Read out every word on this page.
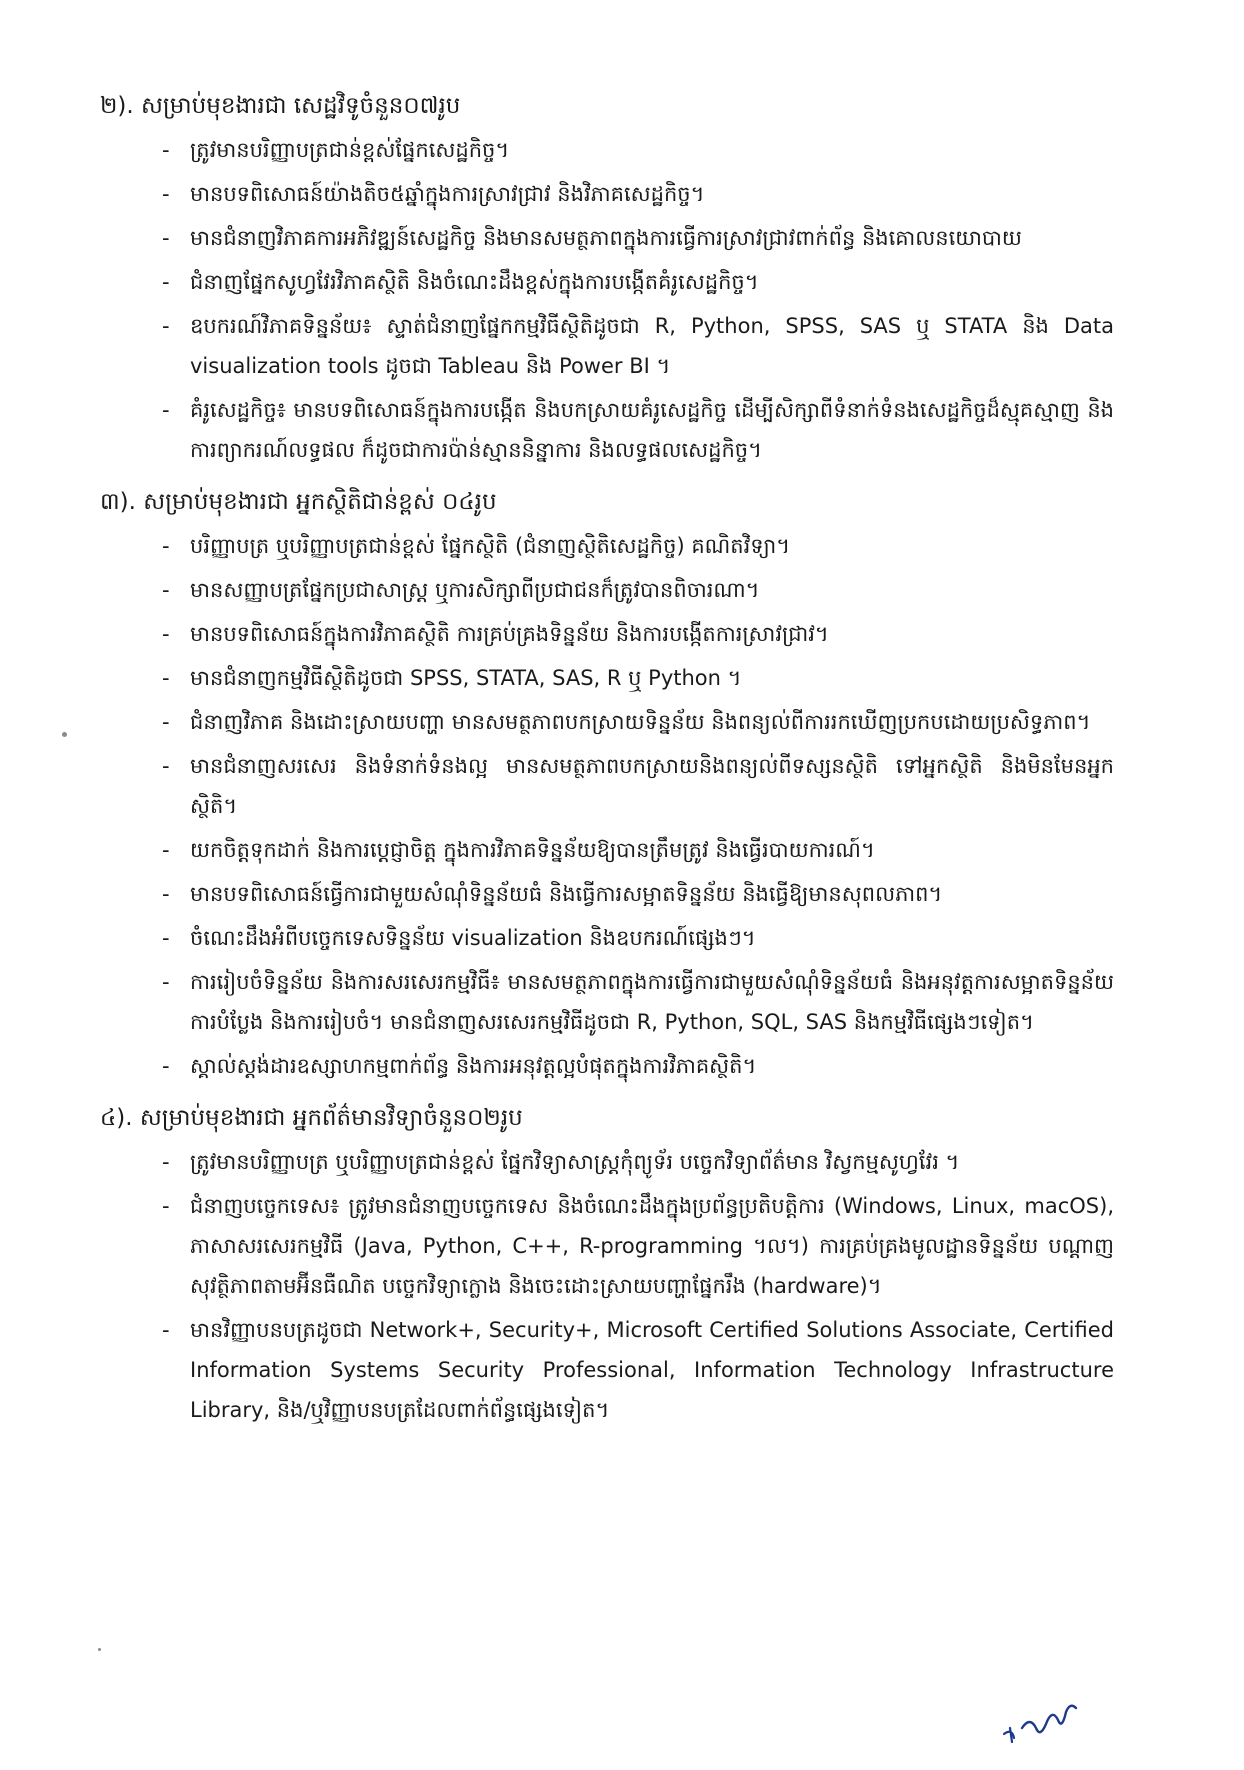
២). សម្រាប់មុខងារជា សេដ្ឋវិទូចំនួន០៧រូប
- ត្រូវមានបរិញ្ញាបត្រជាន់ខ្ពស់ផ្នែកសេដ្ឋកិច្ច។
- មានបទពិសោធន៍យ៉ាងតិច៥ឆ្នាំក្នុងការស្រាវជ្រាវ និងវិភាគសេដ្ឋកិច្ច។
- មានជំនាញវិភាគការអភិវឌ្ឍន៍សេដ្ឋកិច្ច និងមានសមត្ថភាពក្នុងការធ្វើការស្រាវជ្រាវពាក់ព័ន្ធ និងគោលនយោបាយ
- ជំនាញផ្នែកសូហ្វវែរវិភាគស្ថិតិ និងចំណេះដឹងខ្ពស់ក្នុងការបង្កើតគំរូសេដ្ឋកិច្ច។
- ឧបករណ៍វិភាគទិន្នន័យ៖ ស្ទាត់ជំនាញផ្នែកកម្មវិធីស្ថិតិដូចជា R, Python, SPSS, SAS ឬ STATA និង Data visualization tools ដូចជា Tableau និង Power BI ។
- គំរូសេដ្ឋកិច្ច៖ មានបទពិសោធន៍ក្នុងការបង្កើត និងបកស្រាយគំរូសេដ្ឋកិច្ច ដើម្បីសិក្សាពីទំនាក់ទំនងសេដ្ឋកិច្ចដ៏ស្មុគស្មាញ និងការព្យាករណ៍លទ្ធផល ក៏ដូចជាការប៉ាន់ស្មាននិន្នាការ និងលទ្ធផលសេដ្ឋកិច្ច។
៣). សម្រាប់មុខងារជា អ្នកស្ថិតិជាន់ខ្ពស់ ០៤រូប
- បរិញ្ញាបត្រ ឬបរិញ្ញាបត្រជាន់ខ្ពស់ ផ្នែកស្ថិតិ (ជំនាញស្ថិតិសេដ្ឋកិច្ច) គណិតវិទ្យា។
- មានសញ្ញាបត្រផ្នែកប្រជាសាស្ត្រ ឬការសិក្សាពីប្រជាជនក៏ត្រូវបានពិចារណា។
- មានបទពិសោធន៍ក្នុងការវិភាគស្ថិតិ ការគ្រប់គ្រងទិន្នន័យ និងការបង្កើតការស្រាវជ្រាវ។
- មានជំនាញកម្មវិធីស្ថិតិដូចជា SPSS, STATA, SAS, R ឬ Python ។
- ជំនាញវិភាគ និងដោះស្រាយបញ្ហា មានសមត្ថភាពបកស្រាយទិន្នន័យ និងពន្យល់ពីការរកឃើញប្រកបដោយប្រសិទ្ធភាព។
- មានជំនាញសរសេរ និងទំនាក់ទំនងល្អ មានសមត្ថភាពបកស្រាយនិងពន្យល់ពីទស្សនស្ថិតិ ទៅអ្នកស្ថិតិ និងមិនមែនអ្នកស្ថិតិ។
- យកចិត្តទុកដាក់ និងការប្តេជ្ញាចិត្ត ក្នុងការវិភាគទិន្នន័យឱ្យបានត្រឹមត្រូវ និងធ្វើរបាយការណ៍។
- មានបទពិសោធន៍ធ្វើការជាមួយសំណុំទិន្នន័យធំ និងធ្វើការសម្អាតទិន្នន័យ និងធ្វើឱ្យមានសុពលភាព។
- ចំណេះដឹងអំពីបច្ចេកទេសទិន្នន័យ visualization និងឧបករណ៍ផ្សេងៗ។
- ការរៀបចំទិន្នន័យ និងការសរសេរកម្មវិធី៖ មានសមត្ថភាពក្នុងការធ្វើការជាមួយសំណុំទិន្នន័យធំ និងអនុវត្តការសម្អាតទិន្នន័យ ការបំប្លែង និងការរៀបចំ។ មានជំនាញសរសេរកម្មវិធីដូចជា R, Python, SQL, SAS និងកម្មវិធីផ្សេងៗទៀត។
- ស្គាល់ស្តង់ដារឧស្សាហកម្មពាក់ព័ន្ធ និងការអនុវត្តល្អបំផុតក្នុងការវិភាគស្ថិតិ។
៤). សម្រាប់មុខងារជា អ្នកព័ត៌មានវិទ្យាចំនួន០២រូប
- ត្រូវមានបរិញ្ញាបត្រ ឬបរិញ្ញាបត្រជាន់ខ្ពស់ ផ្នែកវិទ្យាសាស្ត្រកុំព្យូទ័រ បច្ចេកវិទ្យាព័ត៌មាន វិស្វកម្មសូហ្វវែរ ។
- ជំនាញបច្ចេកទេស៖ ត្រូវមានជំនាញបច្ចេកទេស និងចំណេះដឹងក្នុងប្រព័ន្ធប្រតិបត្តិការ (Windows, Linux, macOS), ភាសាសរសេរកម្មវិធី (Java, Python, C++, R-programming ។ល។) ការគ្រប់គ្រងមូលដ្ឋានទិន្នន័យ បណ្តាញសុវត្ថិភាពតាមអ៊ីនធឺណិត បច្ចេកវិទ្យាក្លោង និងចេះដោះស្រាយបញ្ហាផ្នែករឹង (hardware)។
- មានវិញ្ញាបនបត្រដូចជា Network+, Security+, Microsoft Certified Solutions Associate, Certified Information Systems Security Professional, Information Technology Infrastructure Library, និង/ឬវិញ្ញាបនបត្រដែលពាក់ព័ន្ធផ្សេងទៀត។
